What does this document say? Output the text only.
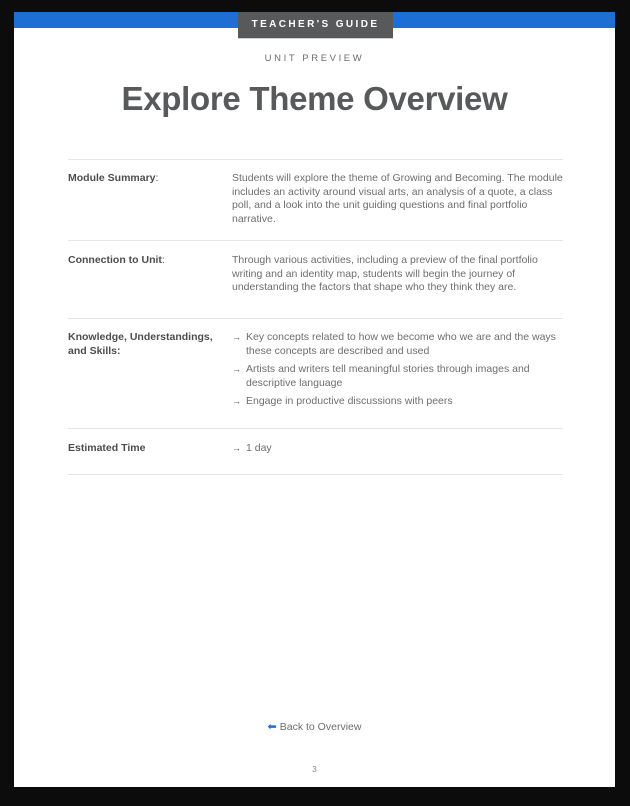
TEACHER'S GUIDE
UNIT PREVIEW
Explore Theme Overview
Module Summary:	Students will explore the theme of Growing and Becoming. The module includes an activity around visual arts, an analysis of a quote, a class poll, and a look into the unit guiding questions and final portfolio narrative.
Connection to Unit:	Through various activities, including a preview of the final portfolio writing and an identity map, students will begin the journey of understanding the factors that shape who they think they are.
Knowledge, Understandings, and Skills:
→ Key concepts related to how we become who we are and the ways these concepts are described and used
→ Artists and writers tell meaningful stories through images and descriptive language
→ Engage in productive discussions with peers
Estimated Time	→ 1 day
⬅ Back to Overview
3
